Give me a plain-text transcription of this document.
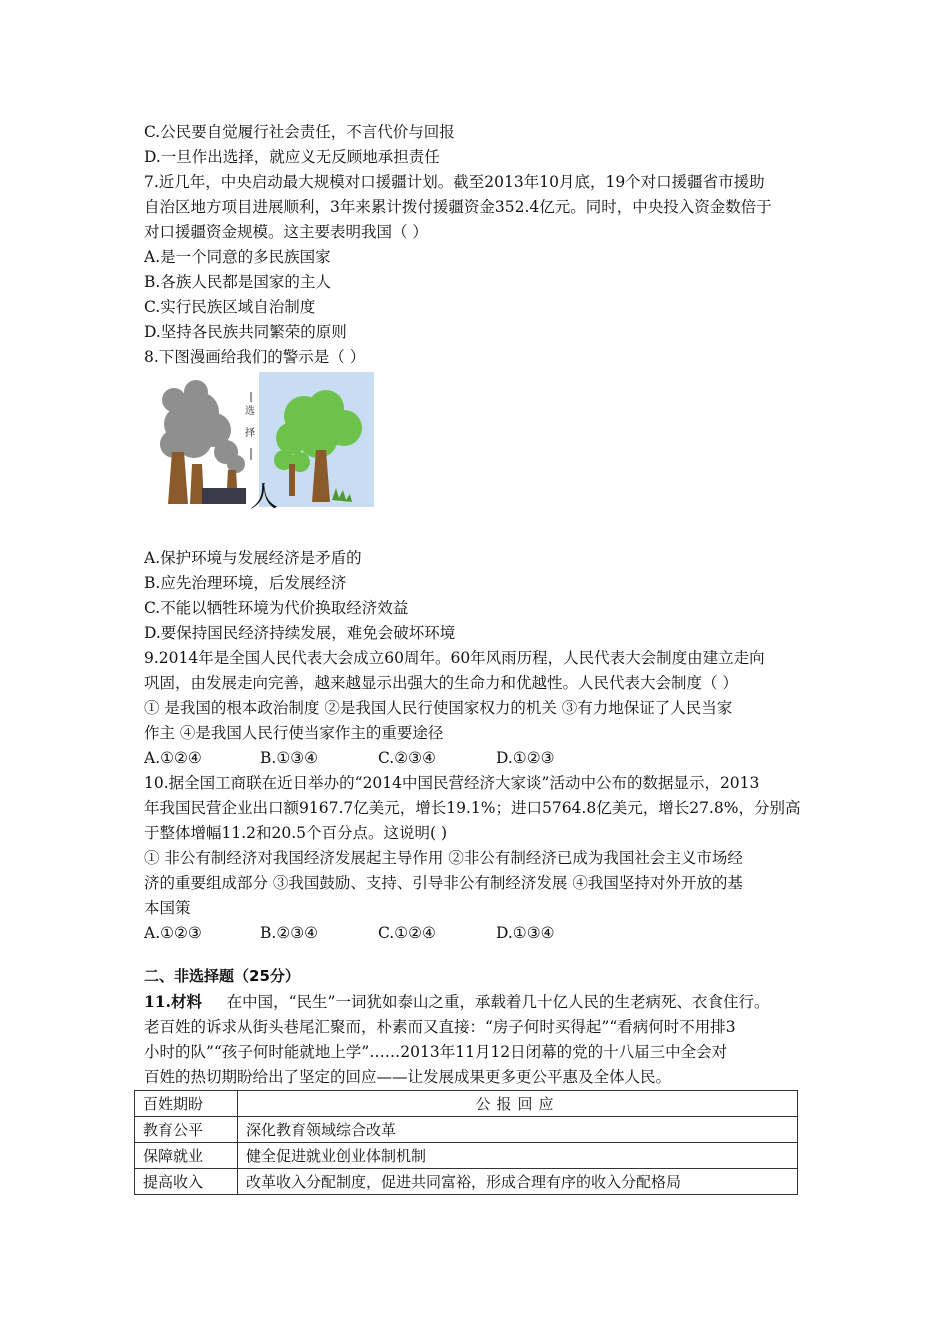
C.公民要自觉履行社会责任，不言代价与回报
D.一旦作出选择，就应义无反顾地承担责任
7.近几年，中央启动最大规模对口援疆计划。截至2013年10月底，19个对口援疆省市援助
自治区地方项目进展顺利，3年来累计拨付援疆资金352.4亿元。同时，中央投入资金数倍于
对口援疆资金规模。这主要表明我国（ ）
A.是一个同意的多民族国家
B.各族人民都是国家的主人
C.实行民族区域自治制度
D.坚持各民族共同繁荣的原则
8.下图漫画给我们的警示是（ ）
选
择
人
A.保护环境与发展经济是矛盾的
B.应先治理环境，后发展经济
C.不能以牺牲环境为代价换取经济效益
D.要保持国民经济持续发展，难免会破坏环境
9.2014年是全国人民代表大会成立60周年。60年风雨历程，人民代表大会制度由建立走向
巩固，由发展走向完善，越来越显示出强大的生命力和优越性。人民代表大会制度（ ）
① 是我国的根本政治制度 ②是我国人民行使国家权力的机关 ③有力地保证了人民当家
作主 ④是我国人民行使当家作主的重要途径
A.①②④	B.①③④	C.②③④	D.①②③
10.据全国工商联在近日举办的“2014中国民营经济大家谈”活动中公布的数据显示，2013
年我国民营企业出口额9167.7亿美元，增长19.1%；进口5764.8亿美元，增长27.8%，分别高
于整体增幅11.2和20.5个百分点。这说明( )
① 非公有制经济对我国经济发展起主导作用 ②非公有制经济已成为我国社会主义市场经
济的重要组成部分 ③我国鼓励、支持、引导非公有制经济发展 ④我国坚持对外开放的基
本国策
A.①②③	B.②③④	C.①②④	D.①③④
二、非选择题（25分）
11.材料 在中国，“民生”一词犹如泰山之重，承载着几十亿人民的生老病死、衣食住行。
老百姓的诉求从街头巷尾汇聚而，朴素而又直接：“房子何时买得起”“看病何时不用排3
小时的队”“孩子何时能就地上学”……2013年11月12日闭幕的党的十八届三中全会对
百姓的热切期盼给出了坚定的回应——让发展成果更多更公平惠及全体人民。
百姓期盼	公报回应
教育公平	深化教育领域综合改革
保障就业	健全促进就业创业体制机制
提高收入	改革收入分配制度，促进共同富裕，形成合理有序的收入分配格局
